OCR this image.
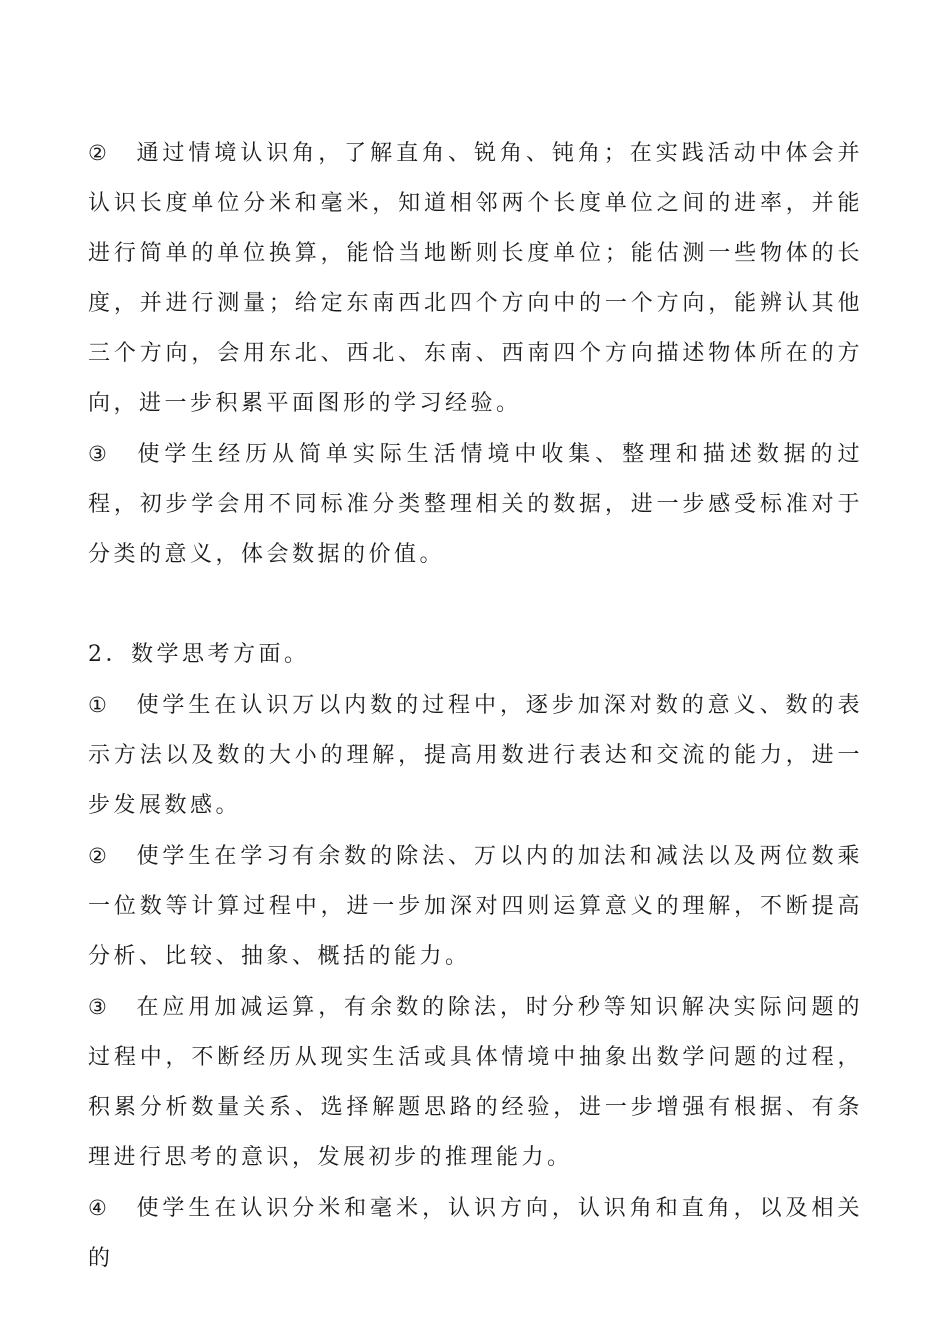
② 通过情境认识角，了解直角、锐角、钝角；在实践活动中体会并认识长度单位分米和毫米，知道相邻两个长度单位之间的进率，并能进行简单的单位换算，能恰当地断则长度单位；能估测一些物体的长度，并进行测量；给定东南西北四个方向中的一个方向，能辨认其他三个方向，会用东北、西北、东南、西南四个方向描述物体所在的方向，进一步积累平面图形的学习经验。

③ 使学生经历从简单实际生活情境中收集、整理和描述数据的过程，初步学会用不同标准分类整理相关的数据，进一步感受标准对于分类的意义，体会数据的价值。

2．数学思考方面。

① 使学生在认识万以内数的过程中，逐步加深对数的意义、数的表示方法以及数的大小的理解，提高用数进行表达和交流的能力，进一步发展数感。

② 使学生在学习有余数的除法、万以内的加法和减法以及两位数乘一位数等计算过程中，进一步加深对四则运算意义的理解，不断提高分析、比较、抽象、概括的能力。

③ 在应用加减运算，有余数的除法，时分秒等知识解决实际问题的过程中，不断经历从现实生活或具体情境中抽象出数学问题的过程，积累分析数量关系、选择解题思路的经验，进一步增强有根据、有条理进行思考的意识，发展初步的推理能力。

④ 使学生在认识分米和毫米，认识方向，认识角和直角，以及相关的
